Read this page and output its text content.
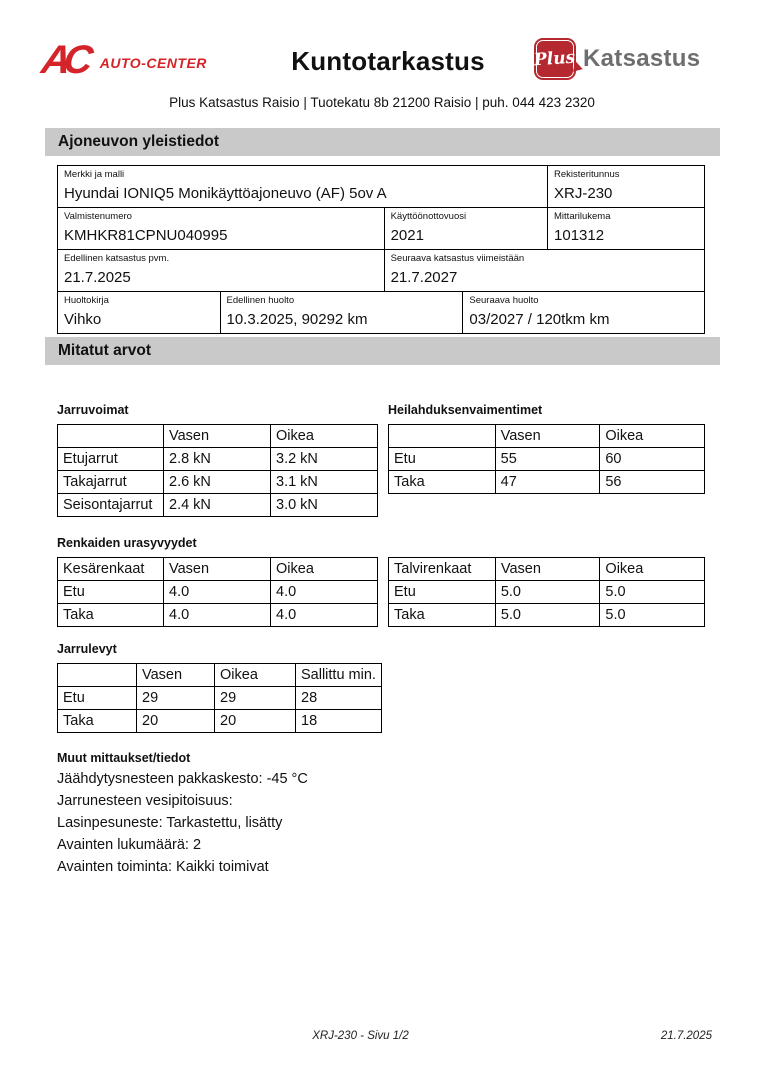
AC AUTO-CENTER	Kuntotarkastus	Plus Katsastus
Plus Katsastus Raisio | Tuotekatu 8b 21200 Raisio | puh. 044 423 2320
Ajoneuvon yleistiedot
Merkki ja malli
Hyundai IONIQ5 Monikäyttöajoneuvo (AF) 5ov A
Rekisteritunnus
XRJ-230
Valmistenumero
KMHKR81CPNU040995
Käyttöönottovuosi
2021
Mittarilukema
101312
Edellinen katsastus pvm.
21.7.2025
Seuraava katsastus viimeistään
21.7.2027
Huoltokirja
Vihko
Edellinen huolto
10.3.2025, 90292 km
Seuraava huolto
03/2027 / 120tkm km
Mitatut arvot
Jarruvoimat
	Vasen	Oikea
Etujarrut	2.8 kN	3.2 kN
Takajarrut	2.6 kN	3.1 kN
Seisontajarrut	2.4 kN	3.0 kN
Heilahduksenvaimentimet
	Vasen	Oikea
Etu	55	60
Taka	47	56
Renkaiden urasyvyydet
Kesärenkaat	Vasen	Oikea
Etu	4.0	4.0
Taka	4.0	4.0
Talvirenkaat	Vasen	Oikea
Etu	5.0	5.0
Taka	5.0	5.0
Jarrulevyt
	Vasen	Oikea	Sallittu min.
Etu	29	29	28
Taka	20	20	18
Muut mittaukset/tiedot
Jäähdytysnesteen pakkaskesto: -45 °C
Jarrunesteen vesipitoisuus:
Lasinpesuneste: Tarkastettu, lisätty
Avainten lukumäärä: 2
Avainten toiminta: Kaikki toimivat
XRJ-230 - Sivu 1/2	21.7.2025
